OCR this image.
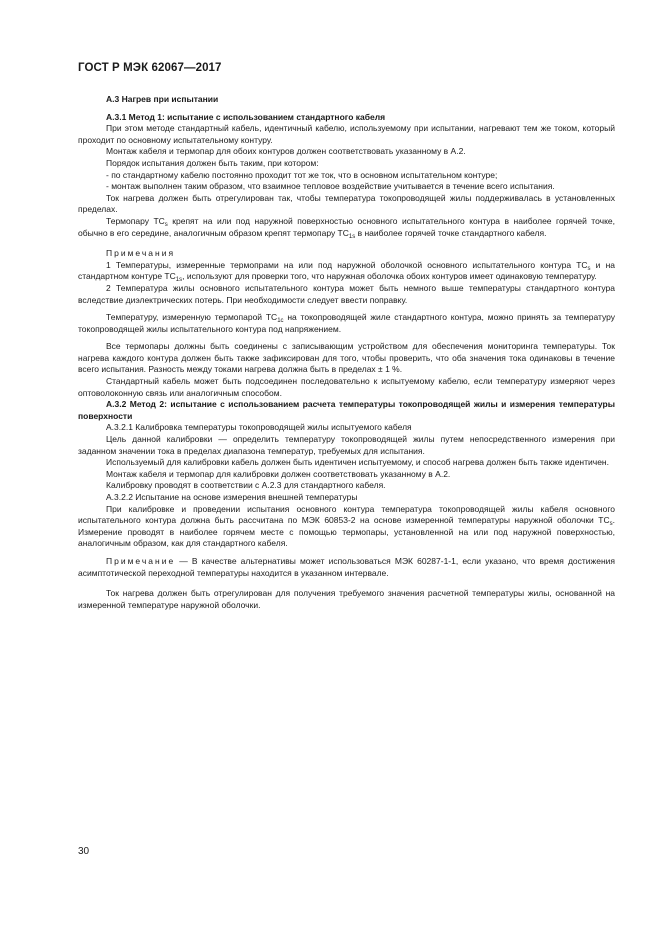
ГОСТ Р МЭК 62067—2017

А.3 Нагрев при испытании

А.3.1 Метод 1: испытание с использованием стандартного кабеля

При этом методе стандартный кабель, идентичный кабелю, используемому при испытании, нагревают тем же током, который проходит по основному испытательному контуру.

Монтаж кабеля и термопар для обоих контуров должен соответствовать указанному в А.2.

Порядок испытания должен быть таким, при котором:

- по стандартному кабелю постоянно проходит тот же ток, что в основном испытательном контуре;

- монтаж выполнен таким образом, что взаимное тепловое воздействие учитывается в течение всего испытания.

Ток нагрева должен быть отрегулирован так, чтобы температура токопроводящей жилы поддерживалась в установленных пределах.

Термопару $ТС_s$ крепят на или под наружной поверхностью основного испытательного контура в наиболее горячей точке, обычно в его середине, аналогичным образом крепят термопару $ТС_{1s}$ в наиболее горячей точке стандартного кабеля.

Примечания

1 Температуры, измеренные термопрами на или под наружной оболочкой основного испытательного контура $ТС_s$ и на стандартном контуре $ТС_{1s}$, используют для проверки того, что наружная оболочка обоих контуров имеет одинаковую температуру.

2 Температура жилы основного испытательного контура может быть немного выше температуры стандартного контура вследствие диэлектрических потерь. При необходимости следует ввести поправку.

Температуру, измеренную термопарой $ТС_{1c}$ на токопроводящей жиле стандартного контура, можно принять за температуру токопроводящей жилы испытательного контура под напряжением.

Все термопары должны быть соединены с записывающим устройством для обеспечения мониторинга температуры. Ток нагрева каждого контура должен быть также зафиксирован для того, чтобы проверить, что оба значения тока одинаковы в течение всего испытания. Разность между токами нагрева должна быть в пределах ± 1 %.

Стандартный кабель может быть подсоединен последовательно к испытуемому кабелю, если температуру измеряют через оптоволоконную связь или аналогичным способом.

А.3.2 Метод 2: испытание с использованием расчета температуры токопроводящей жилы и измерения температуры поверхности

А.3.2.1 Калибровка температуры токопроводящей жилы испытуемого кабеля

Цель данной калибровки — определить температуру токопроводящей жилы путем непосредственного измерения при заданном значении тока в пределах диапазона температур, требуемых для испытания.

Используемый для калибровки кабель должен быть идентичен испытуемому, и способ нагрева должен быть также идентичен.

Монтаж кабеля и термопар для калибровки должен соответствовать указанному в А.2.

Калибровку проводят в соответствии с А.2.3 для стандартного кабеля.

А.3.2.2 Испытание на основе измерения внешней температуры

При калибровке и проведении испытания основного контура температура токопроводящей жилы кабеля основного испытательного контура должна быть рассчитана по МЭК 60853-2 на основе измеренной температуры наружной оболочки $ТС_s$. Измерение проводят в наиболее горячем месте с помощью термопары, установленной на или под наружной поверхностью, аналогичным образом, как для стандартного кабеля.

Примечание — В качестве альтернативы может использоваться МЭК 60287-1-1, если указано, что время достижения асимптотической переходной температуры находится в указанном интервале.

Ток нагрева должен быть отрегулирован для получения требуемого значения расчетной температуры жилы, основанной на измеренной температуре наружной оболочки.

30
